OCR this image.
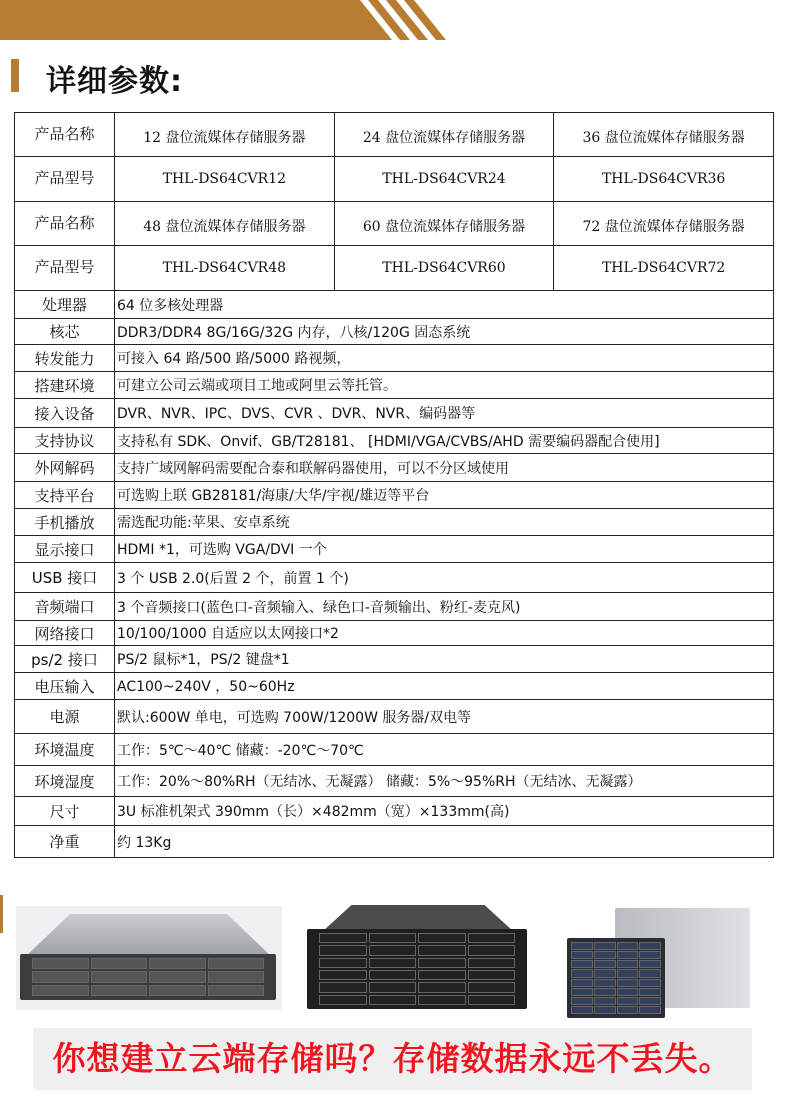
详细参数:
产品名称	12 盘位流媒体存储服务器	24 盘位流媒体存储服务器	36 盘位流媒体存储服务器
产品型号	THL-DS64CVR12	THL-DS64CVR24	THL-DS64CVR36
产品名称	48 盘位流媒体存储服务器	60 盘位流媒体存储服务器	72 盘位流媒体存储服务器
产品型号	THL-DS64CVR48	THL-DS64CVR60	THL-DS64CVR72
处理器	64 位多核处理器		
核芯	DDR3/DDR4 8G/16G/32G 内存，八核/120G 固态系统		
转发能力	可接入 64 路/500 路/5000 路视频，		
搭建环境	可建立公司云端或项目工地或阿里云等托管。		
接入设备	DVR、NVR、IPC、DVS、CVR 、DVR、NVR、编码器等		
支持协议	支持私有 SDK、Onvif、GB/T28181、 [HDMI/VGA/CVBS/AHD 需要编码器配合使用]		
外网解码	支持广域网解码需要配合泰和联解码器使用，可以不分区域使用		
支持平台	可选购上联 GB28181/海康/大华/宇视/雄迈等平台		
手机播放	需选配功能:苹果、安卓系统		
显示接口	HDMI *1，可选购 VGA/DVI 一个		
USB 接口	3 个 USB 2.0(后置 2 个，前置 1 个)		
音频端口	3 个音频接口(蓝色口-音频输入、绿色口-音频输出、粉红-麦克风)		
网络接口	10/100/1000 自适应以太网接口*2		
ps/2 接口	PS/2 鼠标*1，PS/2 键盘*1		
电压输入	AC100~240V ，50~60Hz		
电源	默认:600W 单电，可选购 700W/1200W 服务器/双电等		
环境温度	工作：5℃～40℃ 储藏：-20℃～70℃		
环境湿度	工作：20%～80%RH（无结冰、无凝露） 储藏：5%～95%RH（无结冰、无凝露）		
尺寸	3U 标准机架式 390mm（长）×482mm（宽）×133mm(高)		
净重	约 13Kg		
你想建立云端存储吗？存储数据永远不丢失。
